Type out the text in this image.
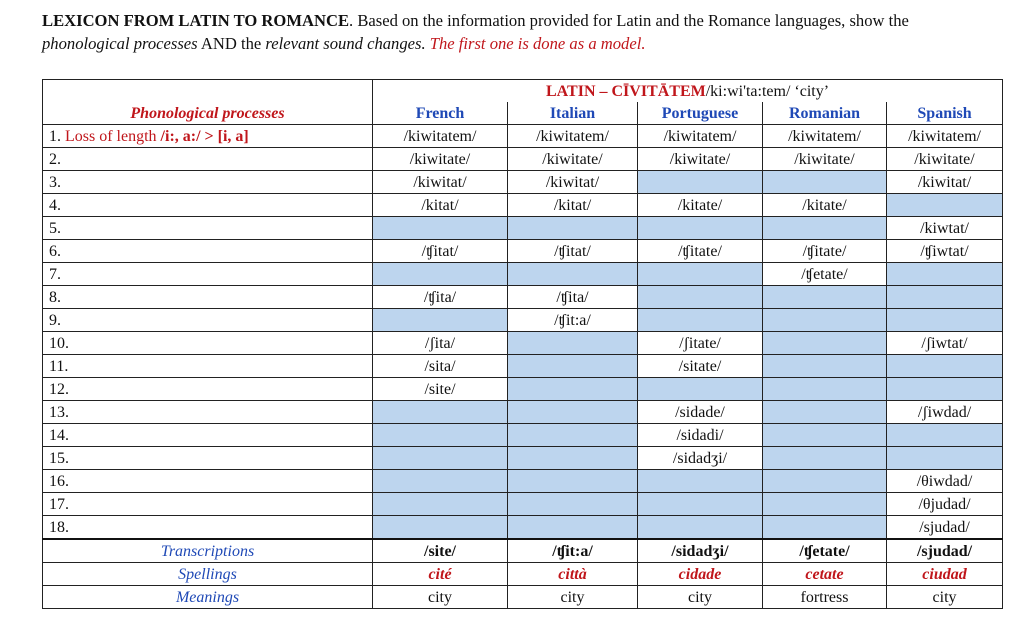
LEXICON FROM LATIN TO ROMANCE. Based on the information provided for Latin and the Romance languages, show the
phonological processes AND the relevant sound changes. The first one is done as a model.
	LATIN – CĪVITĀTEM/ki:wi'ta:tem/ ‘city’				
Phonological processes	French	Italian	Portuguese	Romanian	Spanish
1. Loss of length /i:, a:/ > [i, a]	/kiwitatem/	/kiwitatem/	/kiwitatem/	/kiwitatem/	/kiwitatem/
2.	/kiwitate/	/kiwitate/	/kiwitate/	/kiwitate/	/kiwitate/
3.	/kiwitat/	/kiwitat/			/kiwitat/
4.	/kitat/	/kitat/	/kitate/	/kitate/	
5.					/kiwtat/
6.	/ʧitat/	/ʧitat/	/ʧitate/	/ʧitate/	/ʧiwtat/
7.				/ʧetate/	
8.	/ʧita/	/ʧita/			
9.		/ʧit:a/			
10.	/ʃita/		/ʃitate/		/ʃiwtat/
11.	/sita/		/sitate/		
12.	/site/				
13.			/sidade/		/ʃiwdad/
14.			/sidadi/		
15.			/sidadʒi/		
16.					/θiwdad/
17.					/θjudad/
18.					/sjudad/
Transcriptions	/site/	/ʧit:a/	/sidadʒi/	/ʧetate/	/sjudad/
Spellings	cité	città	cidade	cetate	ciudad
Meanings	city	city	city	fortress	city
